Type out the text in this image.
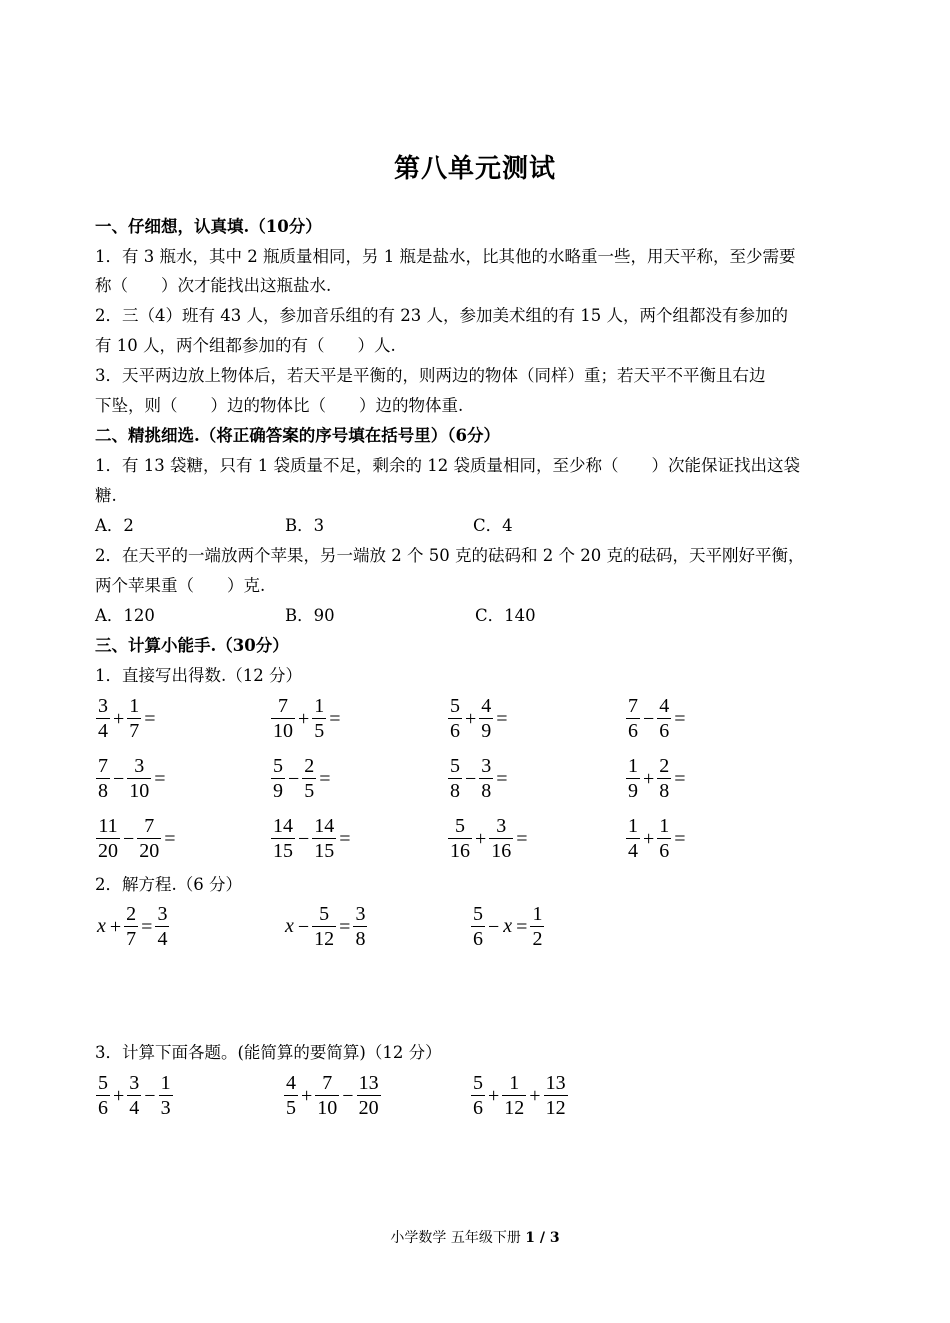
第八单元测试
一、仔细想，认真填.（10分）
1．有 3 瓶水，其中 2 瓶质量相同，另 1 瓶是盐水，比其他的水略重一些，用天平称，至少需要
称（　　）次才能找出这瓶盐水.
2．三（4）班有 43 人，参加音乐组的有 23 人，参加美术组的有 15 人，两个组都没有参加的
有 10 人，两个组都参加的有（　　）人.
3．天平两边放上物体后，若天平是平衡的，则两边的物体（同样）重；若天平不平衡且右边
下坠，则（　　）边的物体比（　　）边的物体重.
二、精挑细选.（将正确答案的序号填在括号里）（6分）
1．有 13 袋糖，只有 1 袋质量不足，剩余的 12 袋质量相同，至少称（　　）次能保证找出这袋
糖.
A．2	B．3	C．4
2．在天平的一端放两个苹果，另一端放 2 个 50 克的砝码和 2 个 20 克的砝码，天平刚好平衡，
两个苹果重（　　）克.
A．120	B．90	C．140
三、计算小能手.（30分）
1．直接写出得数.（12 分）
$\frac{3}{4} + \frac{1}{7}$ =	$\frac{7}{10} + \frac{1}{5}$ =	$\frac{5}{6} + \frac{4}{9}$ =	$\frac{7}{6} - \frac{4}{6}$ =
$\frac{7}{8} - \frac{3}{10}$ =	$\frac{5}{9} - \frac{2}{5}$ =	$\frac{5}{8} - \frac{3}{8}$ =	$\frac{1}{9} + \frac{2}{8}$ =
$\frac{11}{20} - \frac{7}{20}$ =	$\frac{14}{15} - \frac{14}{15}$ =	$\frac{5}{16} + \frac{3}{16}$ =	$\frac{1}{4} + \frac{1}{6}$ =
2．解方程.（6 分）
$x + \frac{2}{7} = \frac{3}{4}$	$x - \frac{5}{12} = \frac{3}{8}$	$\frac{5}{6} - x = \frac{1}{2}$
3．计算下面各题。(能简算的要简算)（12 分）
$\frac{5}{6} + \frac{3}{4} - \frac{1}{3}$	$\frac{4}{5} + \frac{7}{10} - \frac{13}{20}$	$\frac{5}{6} + \frac{1}{12} + \frac{13}{12}$
小学数学 五年级下册 1 / 3
